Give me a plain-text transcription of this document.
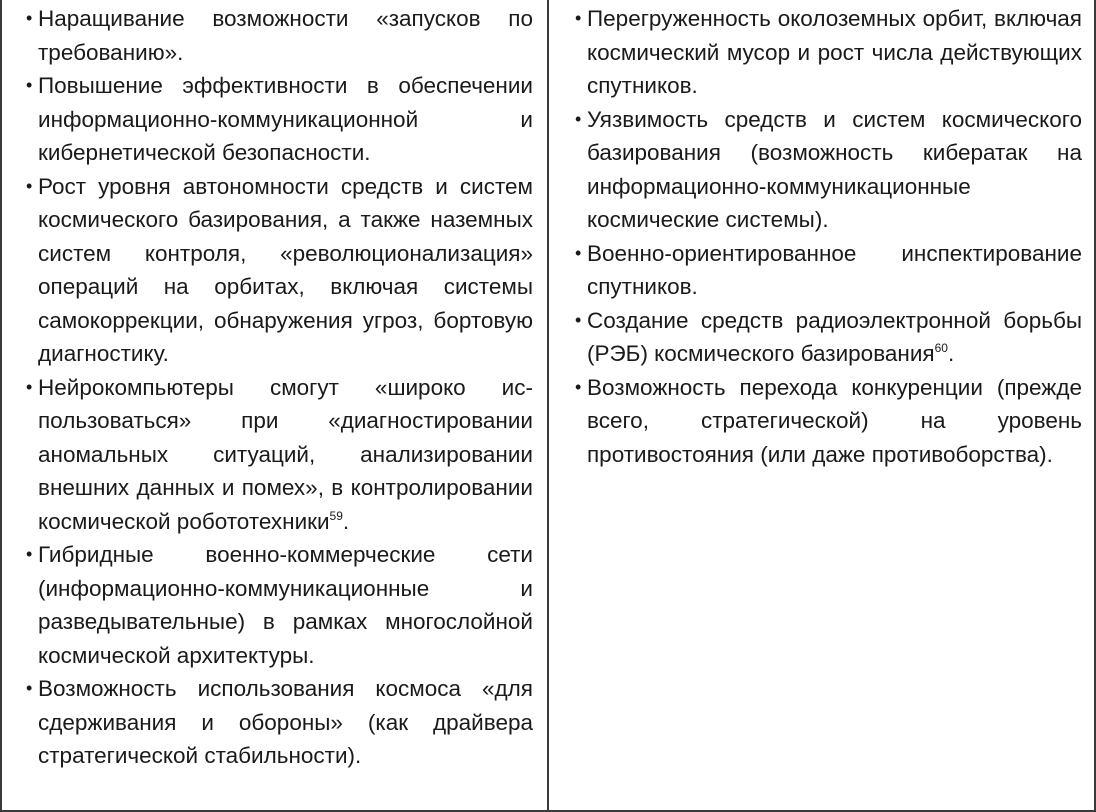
• Наращивание возможности «запусков по требованию».
• Повышение эффективности в обеспечении информационно-коммуникационной и кибернетической безопасности.
• Рост уровня автономности средств и систем космического базирования, а также наземных систем контроля, «революционализация» операций на орбитах, включая системы самокоррекции, обнаружения угроз, бортовую диагностику.
• Нейрокомпьютеры смогут «широко использоваться» при «диагностировании аномальных ситуаций, анализировании внешних данных и помех», в контролировании космической робототехники$^{59}$.
• Гибридные военно-коммерческие сети (информационно-коммуникационные и разведывательные) в рамках многослойной космической архитектуры.
• Возможность использования космоса «для сдерживания и обороны» (как драйвера стратегической стабильности).
• Перегруженность околоземных орбит, включая космический мусор и рост числа действующих спутников.
• Уязвимость средств и систем космического базирования (возможность кибератак на информационно-коммуникационные космические системы).
• Военно-ориентированное инспектирование спутников.
• Создание средств радиоэлектронной борьбы (РЭБ) космического базирования$^{60}$.
• Возможность перехода конкуренции (прежде всего, стратегической) на уровень противостояния (или даже противоборства).
